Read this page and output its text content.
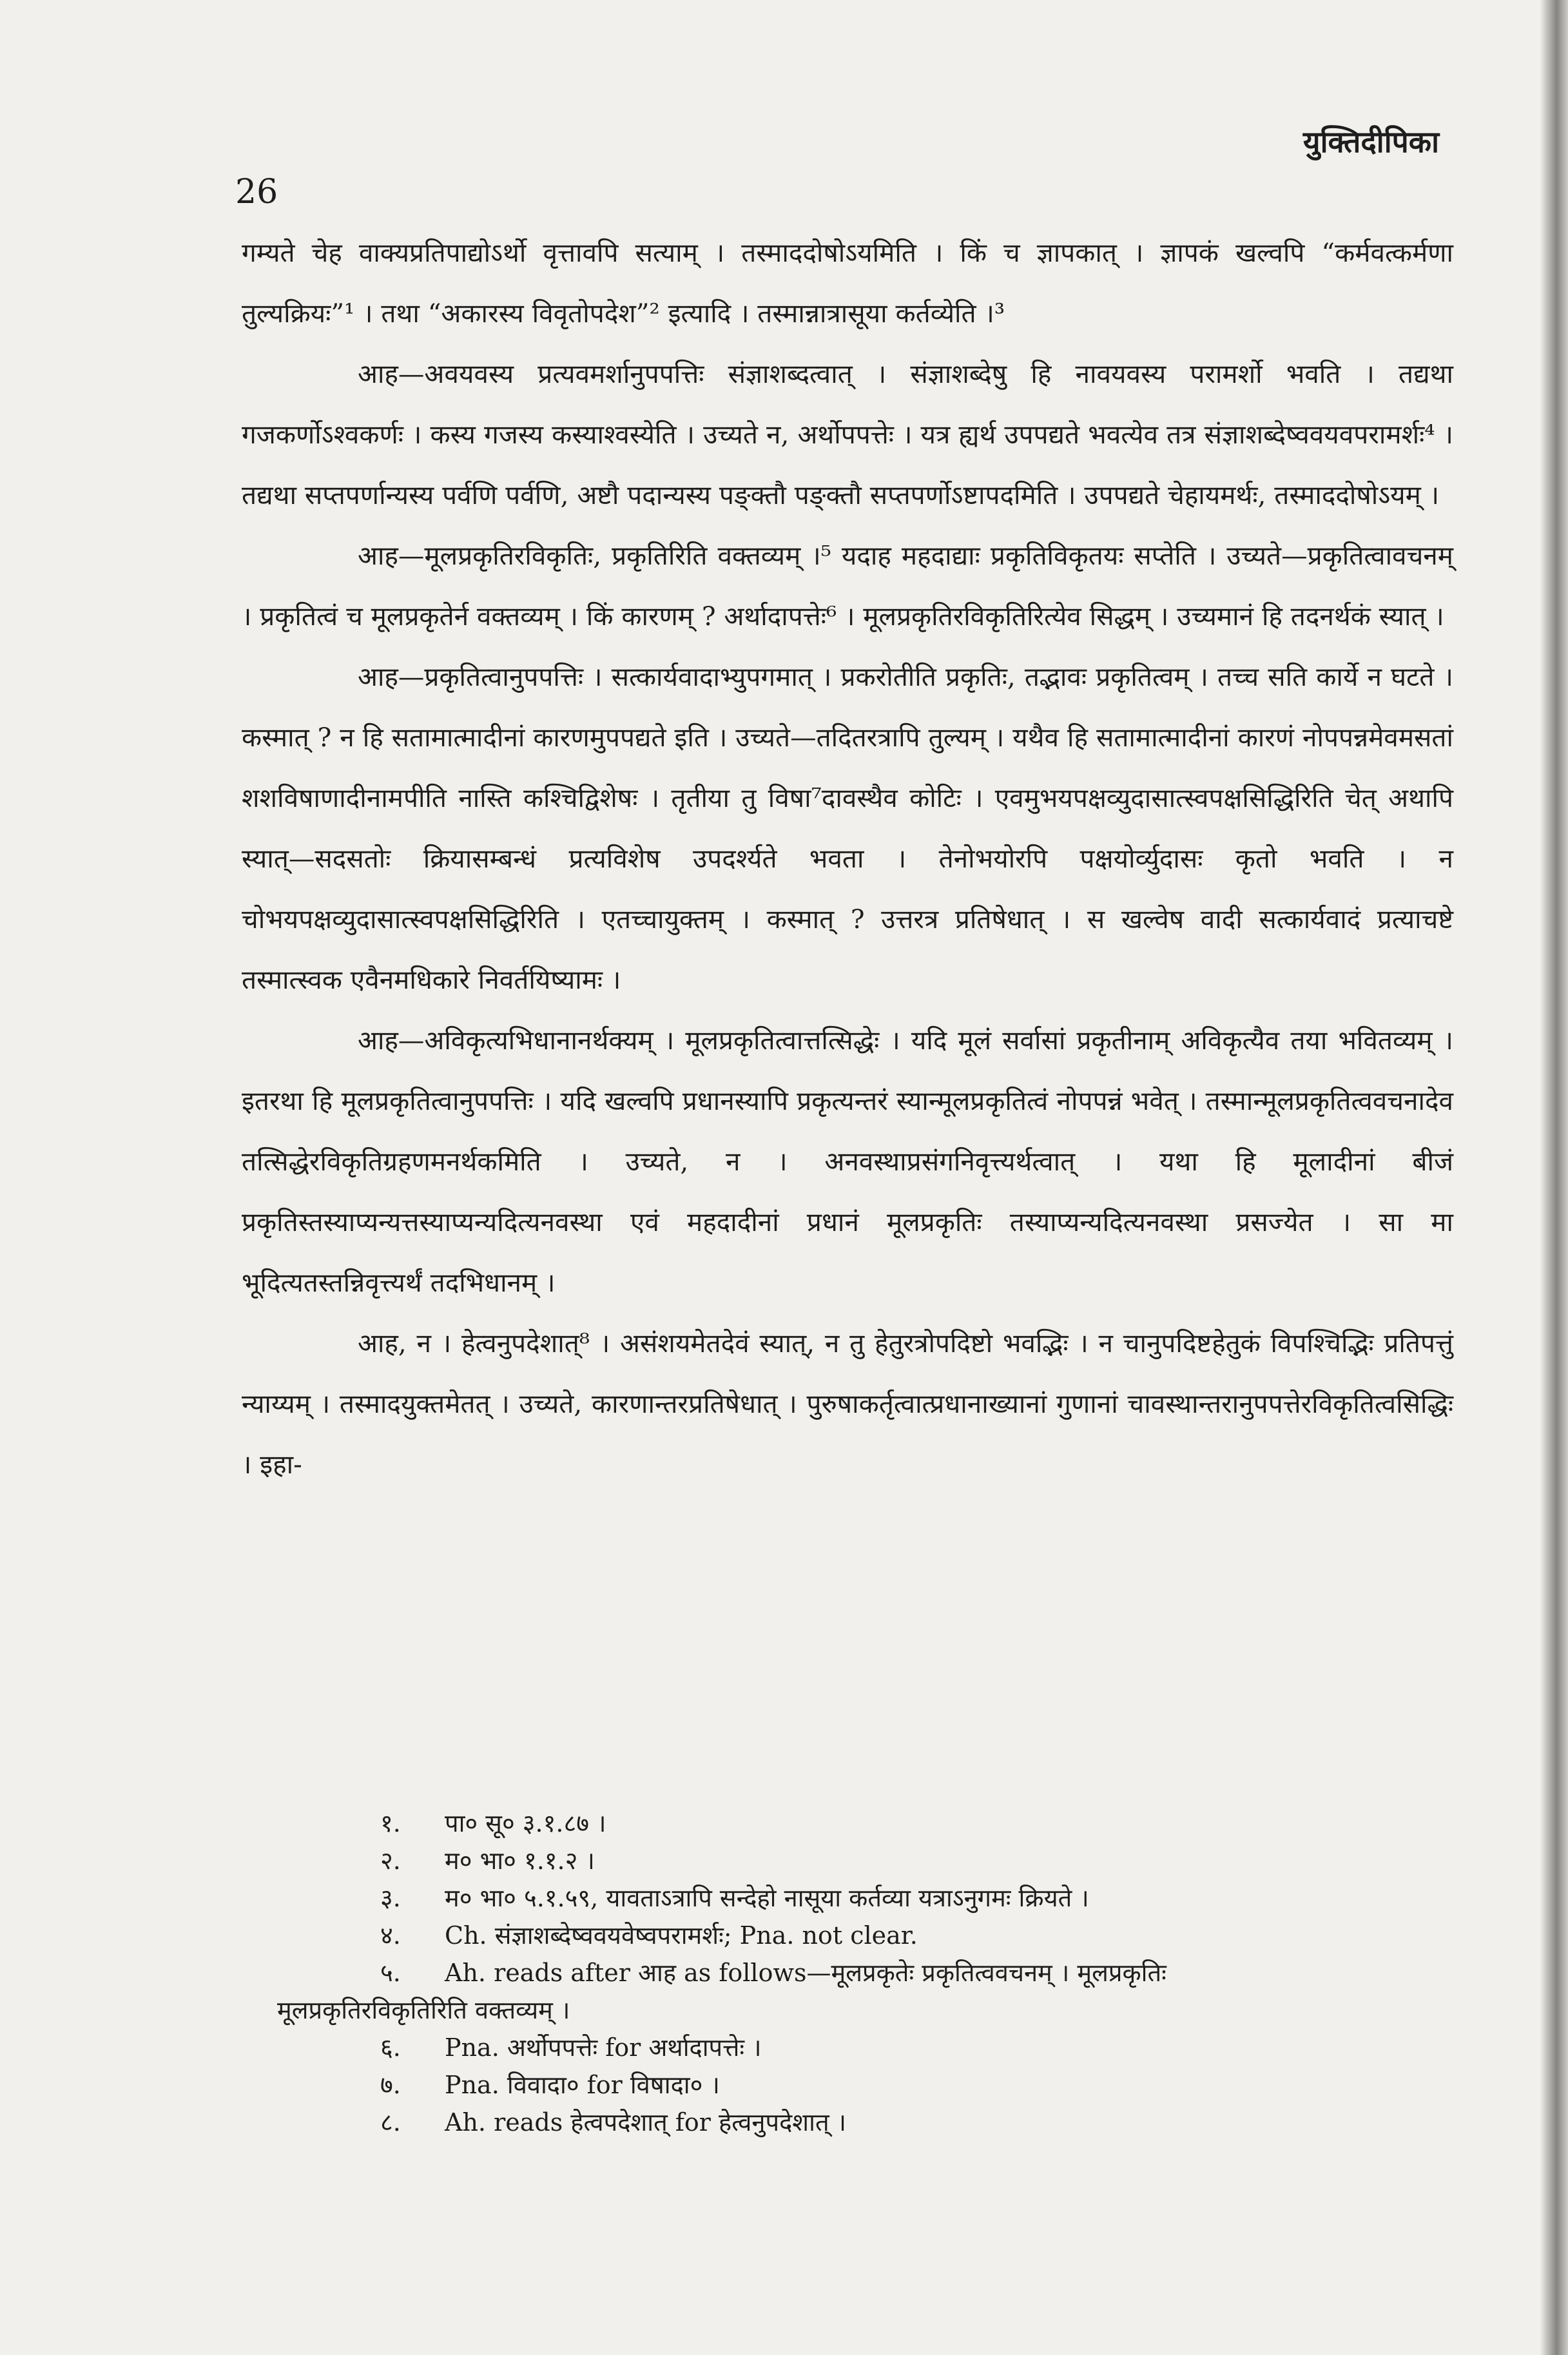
युक्तिदीपिका
26

गम्यते चेह वाक्यप्रतिपाद्योऽर्थो वृत्तावपि सत्याम् । तस्माददोषोऽयमिति । किं च ज्ञापकात् । ज्ञापकं खल्वपि “कर्मवत्कर्मणा तुल्यक्रियः”¹ । तथा “अकारस्य विवृतोपदेश”² इत्यादि । तस्मान्नात्रासूया कर्तव्येति ।³

आह—अवयवस्य प्रत्यवमर्शानुपपत्तिः संज्ञाशब्दत्वात् । संज्ञाशब्देषु हि नावयवस्य परामर्शो भवति । तद्यथा गजकर्णोऽश्वकर्णः । कस्य गजस्य कस्याश्वस्येति । उच्यते न, अर्थोपपत्तेः । यत्र ह्यर्थ उपपद्यते भवत्येव तत्र संज्ञाशब्देष्ववयवपरामर्शः⁴ । तद्यथा सप्तपर्णान्यस्य पर्वणि पर्वणि, अष्टौ पदान्यस्य पङ्क्तौ पङ्क्तौ सप्तपर्णोऽष्टापदमिति । उपपद्यते चेहायमर्थः, तस्माददोषोऽयम् ।

आह—मूलप्रकृतिरविकृतिः, प्रकृतिरिति वक्तव्यम् ।⁵ यदाह महदाद्याः प्रकृतिविकृतयः सप्तेति । उच्यते—प्रकृतित्वावचनम् । प्रकृतित्वं च मूलप्रकृतेर्न वक्तव्यम् । किं कारणम् ? अर्थादापत्तेः⁶ । मूलप्रकृतिरविकृतिरित्येव सिद्धम् । उच्यमानं हि तदनर्थकं स्यात् ।

आह—प्रकृतित्वानुपपत्तिः । सत्कार्यवादाभ्युपगमात् । प्रकरोतीति प्रकृतिः, तद्भावः प्रकृतित्वम् । तच्च सति कार्ये न घटते । कस्मात् ? न हि सतामात्मादीनां कारणमुपपद्यते इति । उच्यते—तदितरत्रापि तुल्यम् । यथैव हि सतामात्मादीनां कारणं नोपपन्नमेवमसतां शशविषाणादीनामपीति नास्ति कश्चिद्विशेषः । तृतीया तु विषा⁷दावस्थैव कोटिः । एवमुभयपक्षव्युदासात्स्वपक्षसिद्धिरिति चेत् अथापि स्यात्—सदसतोः क्रियासम्बन्धं प्रत्यविशेष उपदर्श्यते भवता । तेनोभयोरपि पक्षयोर्व्युदासः कृतो भवति । न चोभयपक्षव्युदासात्स्वपक्षसिद्धिरिति । एतच्चायुक्तम् । कस्मात् ? उत्तरत्र प्रतिषेधात् । स खल्वेष वादी सत्कार्यवादं प्रत्याचष्टे तस्मात्स्वक एवैनमधिकारे निवर्तयिष्यामः ।

आह—अविकृत्यभिधानानर्थक्यम् । मूलप्रकृतित्वात्तत्सिद्धेः । यदि मूलं सर्वासां प्रकृतीनाम् अविकृत्यैव तया भवितव्यम् । इतरथा हि मूलप्रकृतित्वानुपपत्तिः । यदि खल्वपि प्रधानस्यापि प्रकृत्यन्तरं स्यान्मूलप्रकृतित्वं नोपपन्नं भवेत् । तस्मान्मूलप्रकृतित्ववचनादेव तत्सिद्धेरविकृतिग्रहणमनर्थकमिति । उच्यते, न । अनवस्थाप्रसंगनिवृत्त्यर्थत्वात् । यथा हि मूलादीनां बीजं प्रकृतिस्तस्याप्यन्यत्तस्याप्यन्यदित्यनवस्था एवं महदादीनां प्रधानं मूलप्रकृतिः तस्याप्यन्यदित्यनवस्था प्रसज्येत । सा मा भूदित्यतस्तन्निवृत्त्यर्थं तदभिधानम् ।

आह, न । हेत्वनुपदेशात्⁸ । असंशयमेतदेवं स्यात्, न तु हेतुरत्रोपदिष्टो भवद्भिः । न चानुपदिष्टहेतुकं विपश्चिद्भिः प्रतिपत्तुं न्याय्यम् । तस्मादयुक्तमेतत् । उच्यते, कारणान्तरप्रतिषेधात् । पुरुषाकर्तृत्वात्प्रधानाख्यानां गुणानां चावस्थान्तरानुपपत्तेरविकृतित्वसिद्धिः । इहा-

१.	पा० सू० ३.१.८७ ।
२.	म० भा० १.१.२ ।
३.	म० भा० ५.१.५९, यावताऽत्रापि सन्देहो नासूया कर्तव्या यत्राऽनुगमः क्रियते ।
४.	Ch. संज्ञाशब्देष्ववयवेष्वपरामर्शः; Pna. not clear.
५.	Ah. reads after आह as follows—मूलप्रकृतेः प्रकृतित्ववचनम् । मूलप्रकृतिः
मूलप्रकृतिरविकृतिरिति वक्तव्यम् ।
६.	Pna. अर्थोपपत्तेः for अर्थादापत्तेः ।
७.	Pna. विवादा० for विषादा० ।
८.	Ah. reads हेत्वपदेशात् for हेत्वनुपदेशात् ।
